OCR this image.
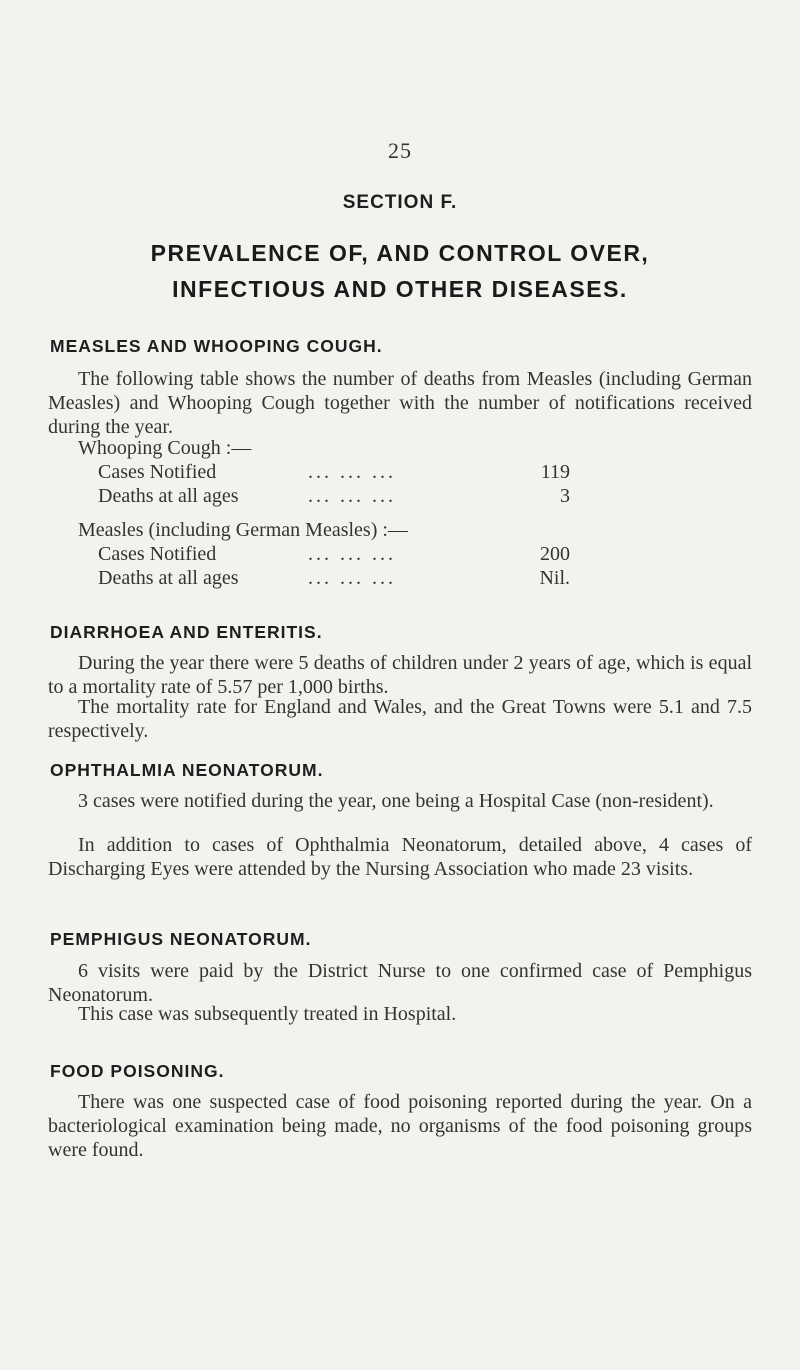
25
SECTION F.
PREVALENCE OF, AND CONTROL OVER,
INFECTIOUS AND OTHER DISEASES.
MEASLES AND WHOOPING COUGH.
The following table shows the number of deaths from Measles (including German Measles) and Whooping Cough together with the number of notifications received during the year.
Whooping Cough :—
Cases Notified	... ... ...	119
Deaths at all ages	... ... ...	3
Measles (including German Measles) :—
Cases Notified	... ... ...	200
Deaths at all ages	... ... ...	Nil.
DIARRHOEA AND ENTERITIS.
During the year there were 5 deaths of children under 2 years of age, which is equal to a mortality rate of 5.57 per 1,000 births.
The mortality rate for England and Wales, and the Great Towns were 5.1 and 7.5 respectively.
OPHTHALMIA NEONATORUM.
3 cases were notified during the year, one being a Hospital Case (non-resident).
In addition to cases of Ophthalmia Neonatorum, detailed above, 4 cases of Discharging Eyes were attended by the Nursing Association who made 23 visits.
PEMPHIGUS NEONATORUM.
6 visits were paid by the District Nurse to one confirmed case of Pemphigus Neonatorum.
This case was subsequently treated in Hospital.
FOOD POISONING.
There was one suspected case of food poisoning reported during the year. On a bacteriological examination being made, no organisms of the food poisoning groups were found.
